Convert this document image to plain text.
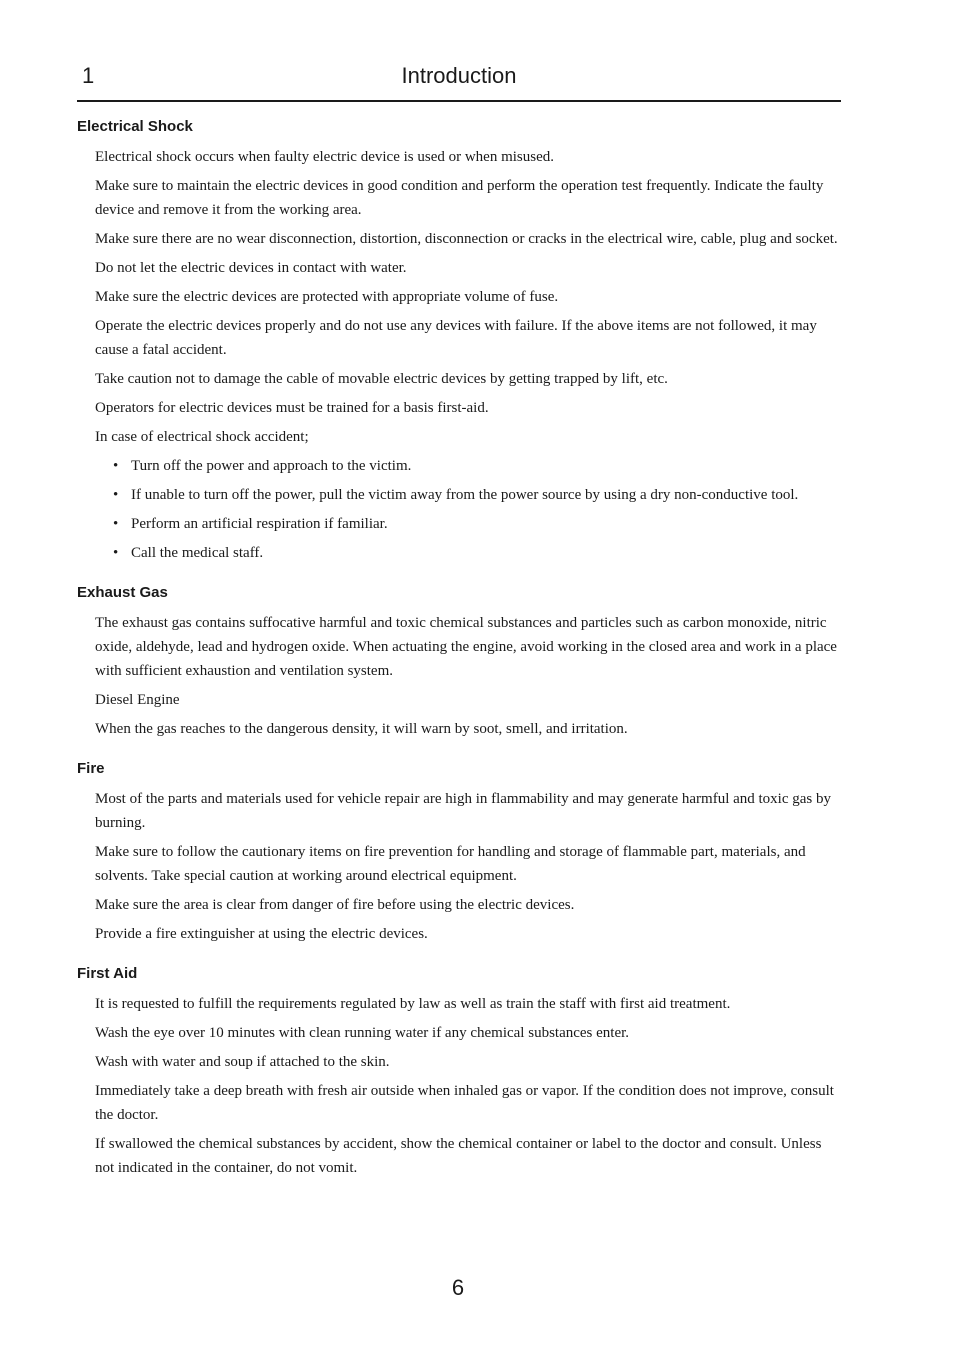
1	Introduction
Electrical Shock

Electrical shock occurs when faulty electric device is used or when misused.

Make sure to maintain the electric devices in good condition and perform the operation test frequently. Indicate the faulty device and remove it from the working area.

Make sure there are no wear disconnection, distortion, disconnection or cracks in the electrical wire, cable, plug and socket.

Do not let the electric devices in contact with water.

Make sure the electric devices are protected with appropriate volume of fuse.

Operate the electric devices properly and do not use any devices with failure. If the above items are not followed, it may cause a fatal accident.

Take caution not to damage the cable of movable electric devices by getting trapped by lift, etc.

Operators for electric devices must be trained for a basis first-aid.

In case of electrical shock accident;

• Turn off the power and approach to the victim.
• If unable to turn off the power, pull the victim away from the power source by using a dry non-conductive tool.
• Perform an artificial respiration if familiar.
• Call the medical staff.
Exhaust Gas

The exhaust gas contains suffocative harmful and toxic chemical substances and particles such as carbon monoxide, nitric oxide, aldehyde, lead and hydrogen oxide. When actuating the engine, avoid working in the closed area and work in a place with sufficient exhaustion and ventilation system.

Diesel Engine

When the gas reaches to the dangerous density, it will warn by soot, smell, and irritation.

Fire

Most of the parts and materials used for vehicle repair are high in flammability and may generate harmful and toxic gas by burning.

Make sure to follow the cautionary items on fire prevention for handling and storage of flammable part, materials, and solvents. Take special caution at working around electrical equipment.

Make sure the area is clear from danger of fire before using the electric devices.

Provide a fire extinguisher at using the electric devices.

First Aid

It is requested to fulfill the requirements regulated by law as well as train the staff with first aid treatment.

Wash the eye over 10 minutes with clean running water if any chemical substances enter.

Wash with water and soup if attached to the skin.

Immediately take a deep breath with fresh air outside when inhaled gas or vapor. If the condition does not improve, consult the doctor.

If swallowed the chemical substances by accident, show the chemical container or label to the doctor and consult. Unless not indicated in the container, do not vomit.

6
